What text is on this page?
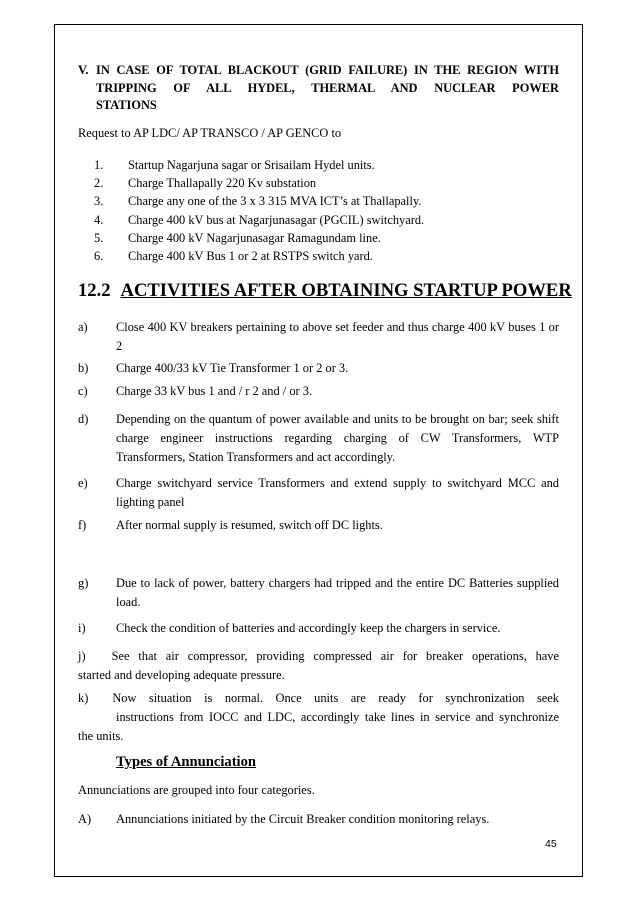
V. IN CASE OF TOTAL BLACKOUT (GRID FAILURE) IN THE REGION WITH
TRIPPING OF ALL HYDEL, THERMAL AND NUCLEAR POWER
STATIONS
Request to AP LDC/ AP TRANSCO / AP GENCO to
1.	Startup Nagarjuna sagar or Srisailam Hydel units.
2.	Charge Thallapally 220 Kv substation
3.	Charge any one of the 3 x 3 315 MVA ICT’s at Thallapally.
4.	Charge 400 kV bus at Nagarjunasagar (PGCIL) switchyard.
5.	Charge 400 kV Nagarjunasagar Ramagundam line.
6.	Charge 400 kV Bus 1 or 2 at RSTPS switch yard.
12.2 ACTIVITIES AFTER OBTAINING STARTUP POWER
a) Close 400 KV breakers pertaining to above set feeder and thus charge 400 kV buses 1 or 2
b) Charge 400/33 kV Tie Transformer 1 or 2 or 3.
c) Charge 33 kV bus 1 and / r 2 and / or 3.
d) Depending on the quantum of power available and units to be brought on bar; seek shift charge engineer instructions regarding charging of CW Transformers, WTP Transformers, Station Transformers and act accordingly.
e) Charge switchyard service Transformers and extend supply to switchyard MCC and lighting panel
f) After normal supply is resumed, switch off DC lights.
g) Due to lack of power, battery chargers had tripped and the entire DC Batteries supplied load.
i) Check the condition of batteries and accordingly keep the chargers in service.
j) See that air compressor, providing compressed air for breaker operations, have
started and developing adequate pressure.
k) Now situation is normal. Once units are ready for synchronization seek
instructions from IOCC and LDC, accordingly take lines in service and synchronize
the units.
Types of Annunciation
Annunciations are grouped into four categories.
A) Annunciations initiated by the Circuit Breaker condition monitoring relays.
45
